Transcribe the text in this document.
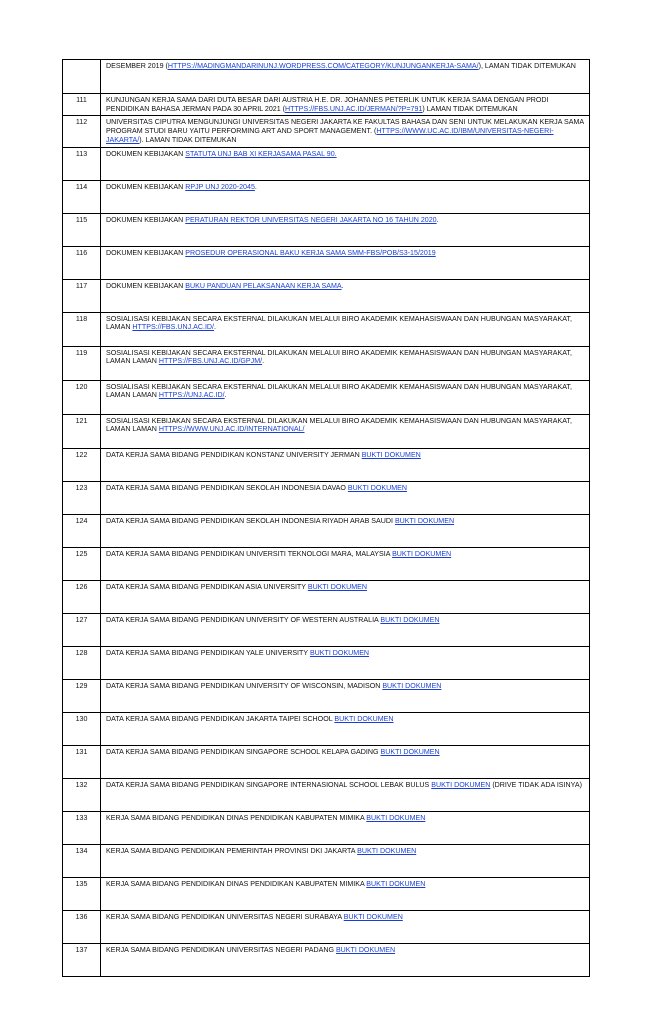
	DESEMBER 2019 (HTTPS://MADINGMANDARINUNJ.WORDPRESS.COM/CATEGORY/KUNJUNGANKERJA-SAMA/), LAMAN TIDAK DITEMUKAN
111	KUNJUNGAN KERJA SAMA DARI DUTA BESAR DARI AUSTRIA H.E. DR. JOHANNES PETERLIK UNTUK KERJA SAMA DENGAN PRODI PENDIDIKAN BAHASA JERMAN PADA 30 APRIL 2021 (HTTPS://FBS.UNJ.AC.ID/JERMAN/?P=791) LAMAN TIDAK DITEMUKAN
112	UNIVERSITAS CIPUTRA MENGUNJUNGI UNIVERSITAS NEGERI JAKARTA KE FAKULTAS BAHASA DAN SENI UNTUK MELAKUKAN KERJA SAMA PROGRAM STUDI BARU YAITU PERFORMING ART AND SPORT MANAGEMENT. (HTTPS://WWW.UC.AC.ID/IBM/UNIVERSITAS-NEGERI-JAKARTA/). LAMAN TIDAK DITEMUKAN
113	DOKUMEN KEBIJAKAN STATUTA UNJ BAB XI KERJASAMA PASAL 90.
114	DOKUMEN KEBIJAKAN RPJP UNJ 2020-2045.
115	DOKUMEN KEBIJAKAN PERATURAN REKTOR UNIVERSITAS NEGERI JAKARTA NO 16 TAHUN 2020.
116	DOKUMEN KEBIJAKAN PROSEDUR OPERASIONAL BAKU KERJA SAMA SMM-FBS/POB/S3-15/2019
117	DOKUMEN KEBIJAKAN BUKU PANDUAN PELAKSANAAN KERJA SAMA.
118	SOSIALISASI KEBIJAKAN SECARA EKSTERNAL DILAKUKAN MELALUI BIRO AKADEMIK KEMAHASISWAAN DAN HUBUNGAN MASYARAKAT, LAMAN HTTPS://FBS.UNJ.AC.ID/.
119	SOSIALISASI KEBIJAKAN SECARA EKSTERNAL DILAKUKAN MELALUI BIRO AKADEMIK KEMAHASISWAAN DAN HUBUNGAN MASYARAKAT, LAMAN LAMAN HTTPS://FBS.UNJ.AC.ID/GPJM/.
120	SOSIALISASI KEBIJAKAN SECARA EKSTERNAL DILAKUKAN MELALUI BIRO AKADEMIK KEMAHASISWAAN DAN HUBUNGAN MASYARAKAT, LAMAN LAMAN HTTPS://UNJ.AC.ID/.
121	SOSIALISASI KEBIJAKAN SECARA EKSTERNAL DILAKUKAN MELALUI BIRO AKADEMIK KEMAHASISWAAN DAN HUBUNGAN MASYARAKAT, LAMAN LAMAN HTTPS://WWW.UNJ.AC.ID/INTERNATIONAL/
122	DATA KERJA SAMA BIDANG PENDIDIKAN KONSTANZ UNIVERSITY JERMAN BUKTI DOKUMEN
123	DATA KERJA SAMA BIDANG PENDIDIKAN SEKOLAH INDONESIA DAVAO BUKTI DOKUMEN
124	DATA KERJA SAMA BIDANG PENDIDIKAN SEKOLAH INDONESIA RIYADH ARAB SAUDI BUKTI DOKUMEN
125	DATA KERJA SAMA BIDANG PENDIDIKAN UNIVERSITI TEKNOLOGI MARA, MALAYSIA BUKTI DOKUMEN
126	DATA KERJA SAMA BIDANG PENDIDIKAN ASIA UNIVERSITY BUKTI DOKUMEN
127	DATA KERJA SAMA BIDANG PENDIDIKAN UNIVERSITY OF WESTERN AUSTRALIA BUKTI DOKUMEN
128	DATA KERJA SAMA BIDANG PENDIDIKAN YALE UNIVERSITY BUKTI DOKUMEN
129	DATA KERJA SAMA BIDANG PENDIDIKAN UNIVERSITY OF WISCONSIN, MADISON BUKTI DOKUMEN
130	DATA KERJA SAMA BIDANG PENDIDIKAN JAKARTA TAIPEI SCHOOL BUKTI DOKUMEN
131	DATA KERJA SAMA BIDANG PENDIDIKAN SINGAPORE SCHOOL KELAPA GADING BUKTI DOKUMEN
132	DATA KERJA SAMA BIDANG PENDIDIKAN SINGAPORE INTERNASIONAL SCHOOL LEBAK BULUS BUKTI DOKUMEN (DRIVE TIDAK ADA ISINYA)
133	KERJA SAMA BIDANG PENDIDIKAN DINAS PENDIDIKAN KABUPATEN MIMIKA BUKTI DOKUMEN
134	KERJA SAMA BIDANG PENDIDIKAN PEMERINTAH PROVINSI DKI JAKARTA BUKTI DOKUMEN
135	KERJA SAMA BIDANG PENDIDIKAN DINAS PENDIDIKAN KABUPATEN MIMIKA BUKTI DOKUMEN
136	KERJA SAMA BIDANG PENDIDIKAN UNIVERSITAS NEGERI SURABAYA BUKTI DOKUMEN
137	KERJA SAMA BIDANG PENDIDIKAN UNIVERSITAS NEGERI PADANG BUKTI DOKUMEN
